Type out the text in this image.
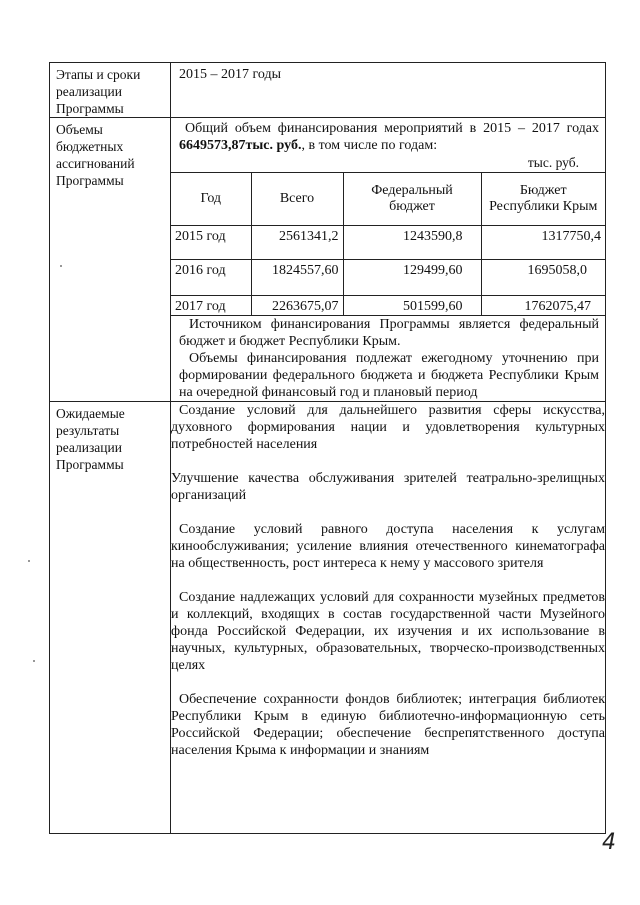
Этапы и сроки
реализации
Программы
	2015 – 2017 годы

Объемы
бюджетных
ассигнований
Программы

Общий объем финансирования мероприятий в 2015 – 2017 годах 6649573,87тыс. руб., в том числе по годам:
тыс. руб.
Год	Всего	Федеральный бюджет	Бюджет Республики Крым
2015 год	2561341,2	1243590,8	1317750,4
2016 год	1824557,60	129499,60	1695058,0
2017 год	2263675,07	501599,60	1762075,47

Источником финансирования Программы является федеральный бюджет и бюджет Республики Крым.

Объемы финансирования подлежат ежегодному уточнению при формировании федерального бюджета и бюджета Республики Крым на очередной финансовый год и плановый период

Ожидаемые
результаты
реализации
Программы

Создание условий для дальнейшего развития сферы искусства, духовного формирования нации и удовлетворения культурных потребностей населения

Улучшение качества обслуживания зрителей театрально-зрелищных организаций

Создание условий равного доступа населения к услугам кинообслуживания; усиление влияния отечественного кинематографа на общественность, рост интереса к нему у массового зрителя

Создание надлежащих условий для сохранности музейных предметов и коллекций, входящих в состав государственной части Музейного фонда Российской Федерации, их изучения и их использование в научных, культурных, образовательных, творческо-производственных целях

Обеспечение сохранности фондов библиотек; интеграция библиотек Республики Крым в единую библиотечно-информационную сеть Российской Федерации; обеспечение беспрепятственного доступа населения Крыма к информации и знаниям

4
